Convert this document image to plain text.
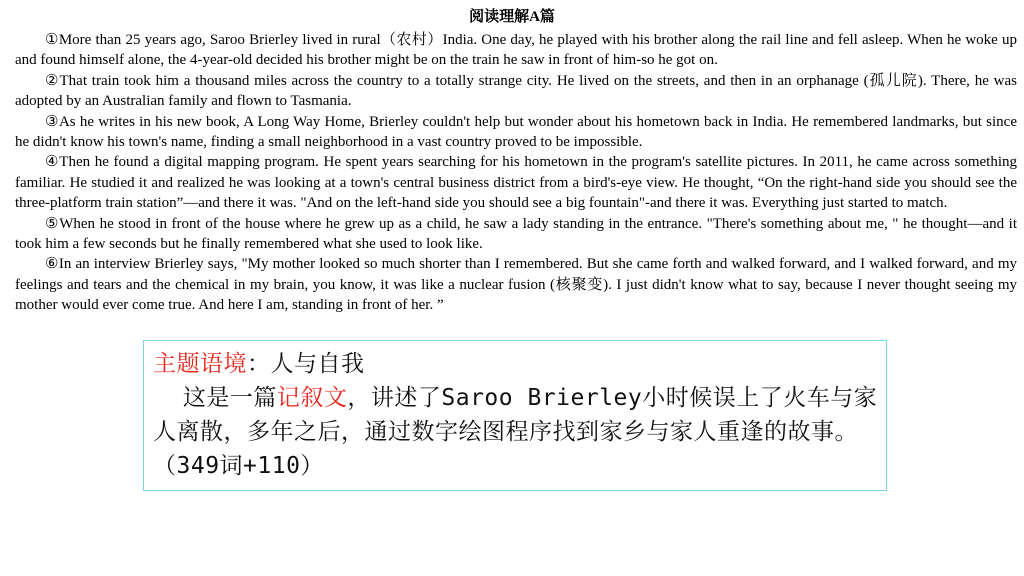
阅读理解A篇

①More than 25 years ago, Saroo Brierley lived in rural（农村）India. One day, he played with his brother along the rail line and fell asleep. When he woke up and found himself alone, the 4-year-old decided his brother might be on the train he saw in front of him-so he got on.

②That train took him a thousand miles across the country to a totally strange city. He lived on the streets, and then in an orphanage (孤儿院). There, he was adopted by an Australian family and flown to Tasmania.

③As he writes in his new book, A Long Way Home, Brierley couldn't help but wonder about his hometown back in India. He remembered landmarks, but since he didn't know his town's name, finding a small neighborhood in a vast country proved to be impossible.

④Then he found a digital mapping program. He spent years searching for his hometown in the program's satellite pictures. In 2011, he came across something familiar. He studied it and realized he was looking at a town's central business district from a bird's-eye view. He thought, “On the right-hand side you should see the three-platform train station”—and there it was. "And on the left-hand side you should see a big fountain"-and there it was. Everything just started to match.

⑤When he stood in front of the house where he grew up as a child, he saw a lady standing in the entrance. "There's something about me, " he thought—and it took him a few seconds but he finally remembered what she used to look like.

⑥In an interview Brierley says, "My mother looked so much shorter than I remembered. But she came forth and walked forward, and I walked forward, and my feelings and tears and the chemical in my brain, you know, it was like a nuclear fusion (核聚变). I just didn't know what to say, because I never thought seeing my mother would ever come true. And here I am, standing in front of her. ”

主题语境：人与自我
这是一篇记叙文，讲述了Saroo Brierley小时候误上了火车与家人离散，多年之后，通过数字绘图程序找到家乡与家人重逢的故事。 （349词+110）
